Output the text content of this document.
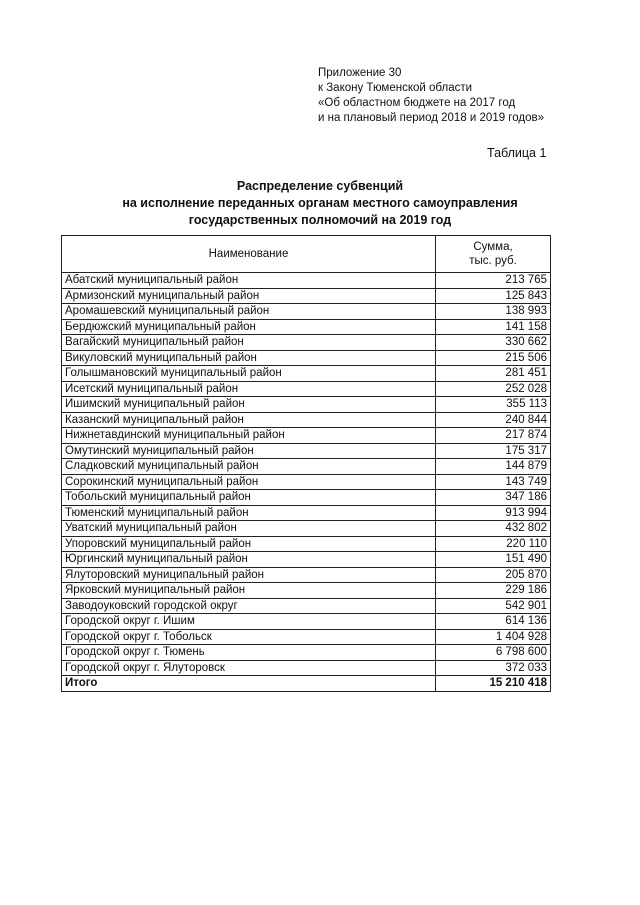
Приложение 30
к Закону Тюменской области
«Об областном бюджете на 2017 год
и на плановый период 2018 и 2019 годов»
Таблица 1
Распределение субвенций
на исполнение переданных органам местного самоуправления
государственных полномочий на 2019 год
Наименование	Сумма,
тыс. руб.

Абатский муниципальный район	213 765
Армизонский муниципальный район	125 843
Аромашевский муниципальный район	138 993
Бердюжский муниципальный район	141 158
Вагайский муниципальный район	330 662
Викуловский муниципальный район	215 506
Голышмановский муниципальный район	281 451
Исетский муниципальный район	252 028
Ишимский муниципальный район	355 113
Казанский муниципальный район	240 844
Нижнетавдинский муниципальный район	217 874
Омутинский муниципальный район	175 317
Сладковский муниципальный район	144 879
Сорокинский муниципальный район	143 749
Тобольский муниципальный район	347 186
Тюменский муниципальный район	913 994
Уватский муниципальный район	432 802
Упоровский муниципальный район	220 110
Юргинский муниципальный район	151 490
Ялуторовский муниципальный район	205 870
Ярковский муниципальный район	229 186
Заводоуковский городской округ	542 901
Городской округ г. Ишим	614 136
Городской округ г. Тобольск	1 404 928
Городской округ г. Тюмень	6 798 600
Городской округ г. Ялуторовск	372 033
Итого	15 210 418
